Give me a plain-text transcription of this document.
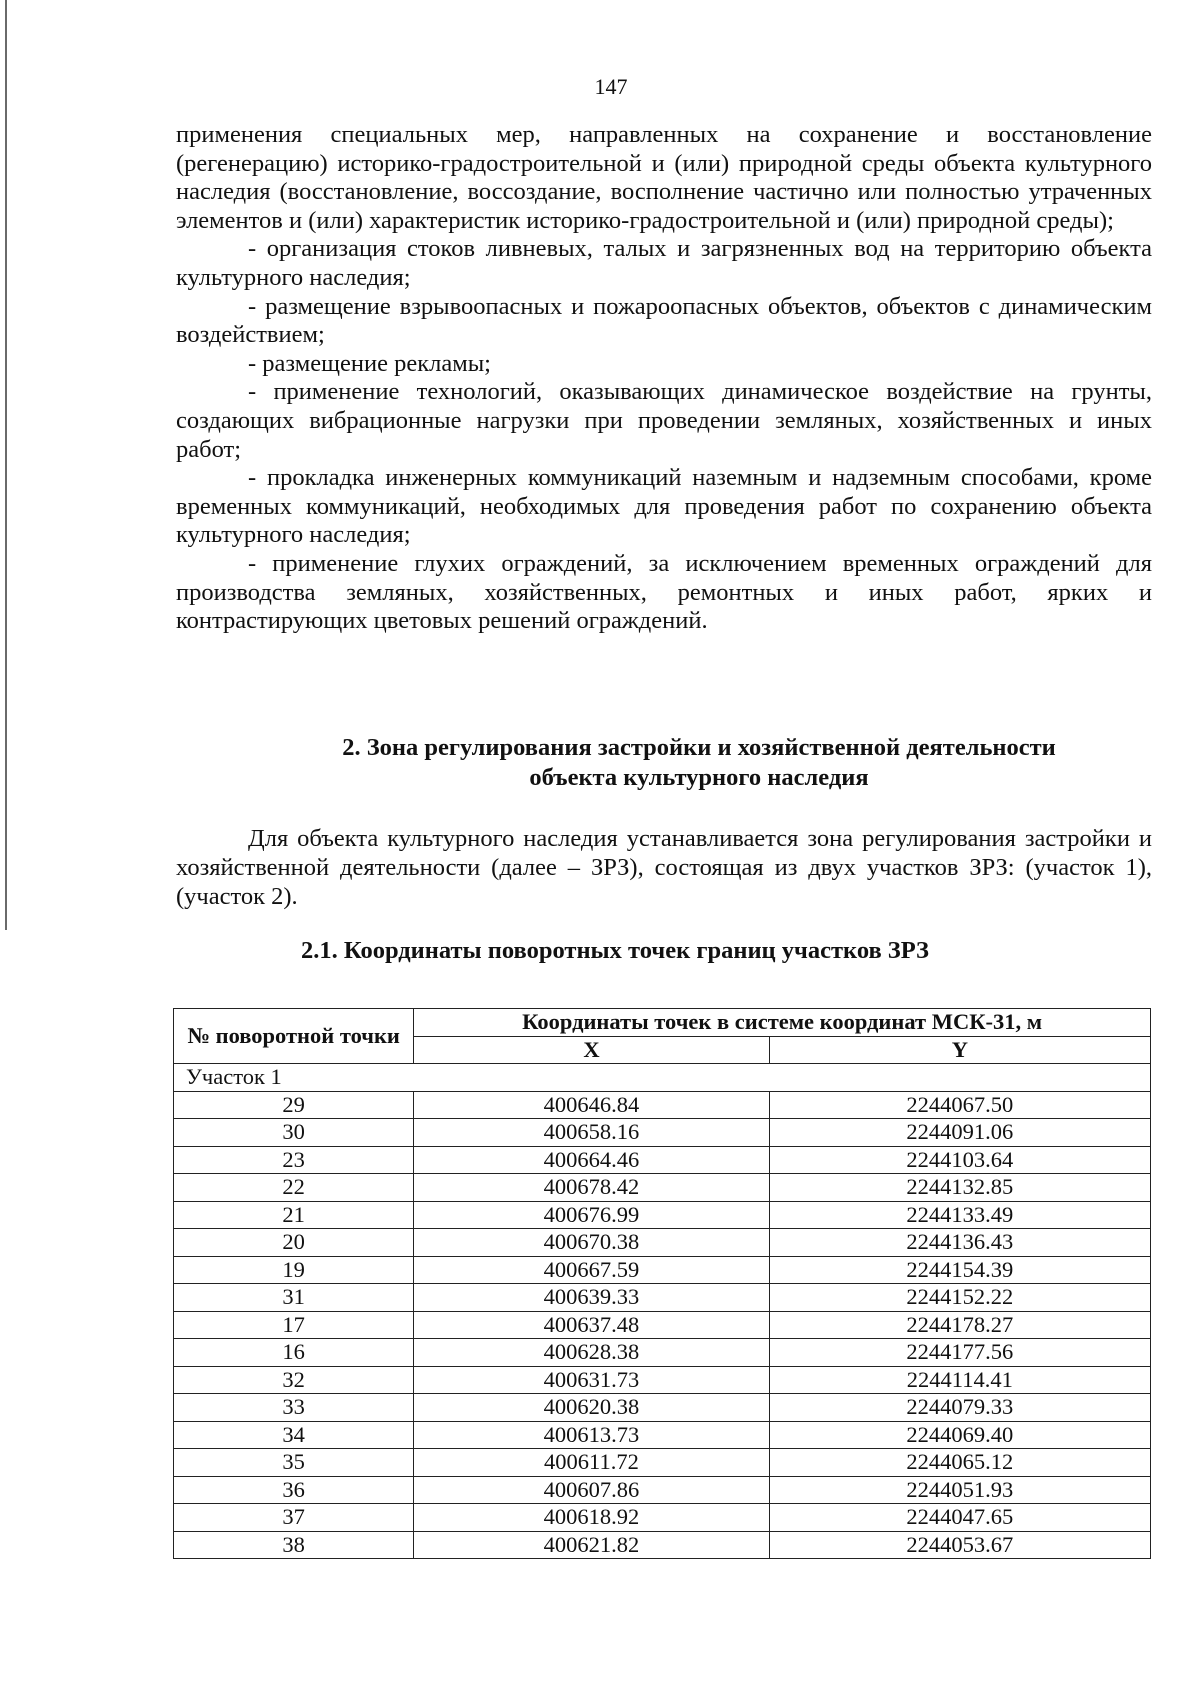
147

применения специальных мер, направленных на сохранение и восстановление (регенерацию) историко-градостроительной и (или) природной среды объекта культурного наследия (восстановление, воссоздание, восполнение частично или полностью утраченных элементов и (или) характеристик историко-градостроительной и (или) природной среды);

- организация стоков ливневых, талых и загрязненных вод на территорию объекта культурного наследия;

- размещение взрывоопасных и пожароопасных объектов, объектов с динамическим воздействием;

- размещение рекламы;

- применение технологий, оказывающих динамическое воздействие на грунты, создающих вибрационные нагрузки при проведении земляных, хозяйственных и иных работ;

- прокладка инженерных коммуникаций наземным и надземным способами, кроме временных коммуникаций, необходимых для проведения работ по сохранению объекта культурного наследия;

- применение глухих ограждений, за исключением временных ограждений для производства земляных, хозяйственных, ремонтных и иных работ, ярких и контрастирующих цветовых решений ограждений.

2. Зона регулирования застройки и хозяйственной деятельности
объекта культурного наследия

Для объекта культурного наследия устанавливается зона регулирования застройки и хозяйственной деятельности (далее – ЗРЗ), состоящая из двух участков ЗРЗ: (участок 1), (участок 2).

2.1. Координаты поворотных точек границ участков ЗРЗ
№ поворотной точки	Координаты точек в системе координат МСК-31, м	
	X	Y
Участок 1		
29	400646.84	2244067.50
30	400658.16	2244091.06
23	400664.46	2244103.64
22	400678.42	2244132.85
21	400676.99	2244133.49
20	400670.38	2244136.43
19	400667.59	2244154.39
31	400639.33	2244152.22
17	400637.48	2244178.27
16	400628.38	2244177.56
32	400631.73	2244114.41
33	400620.38	2244079.33
34	400613.73	2244069.40
35	400611.72	2244065.12
36	400607.86	2244051.93
37	400618.92	2244047.65
38	400621.82	2244053.67
